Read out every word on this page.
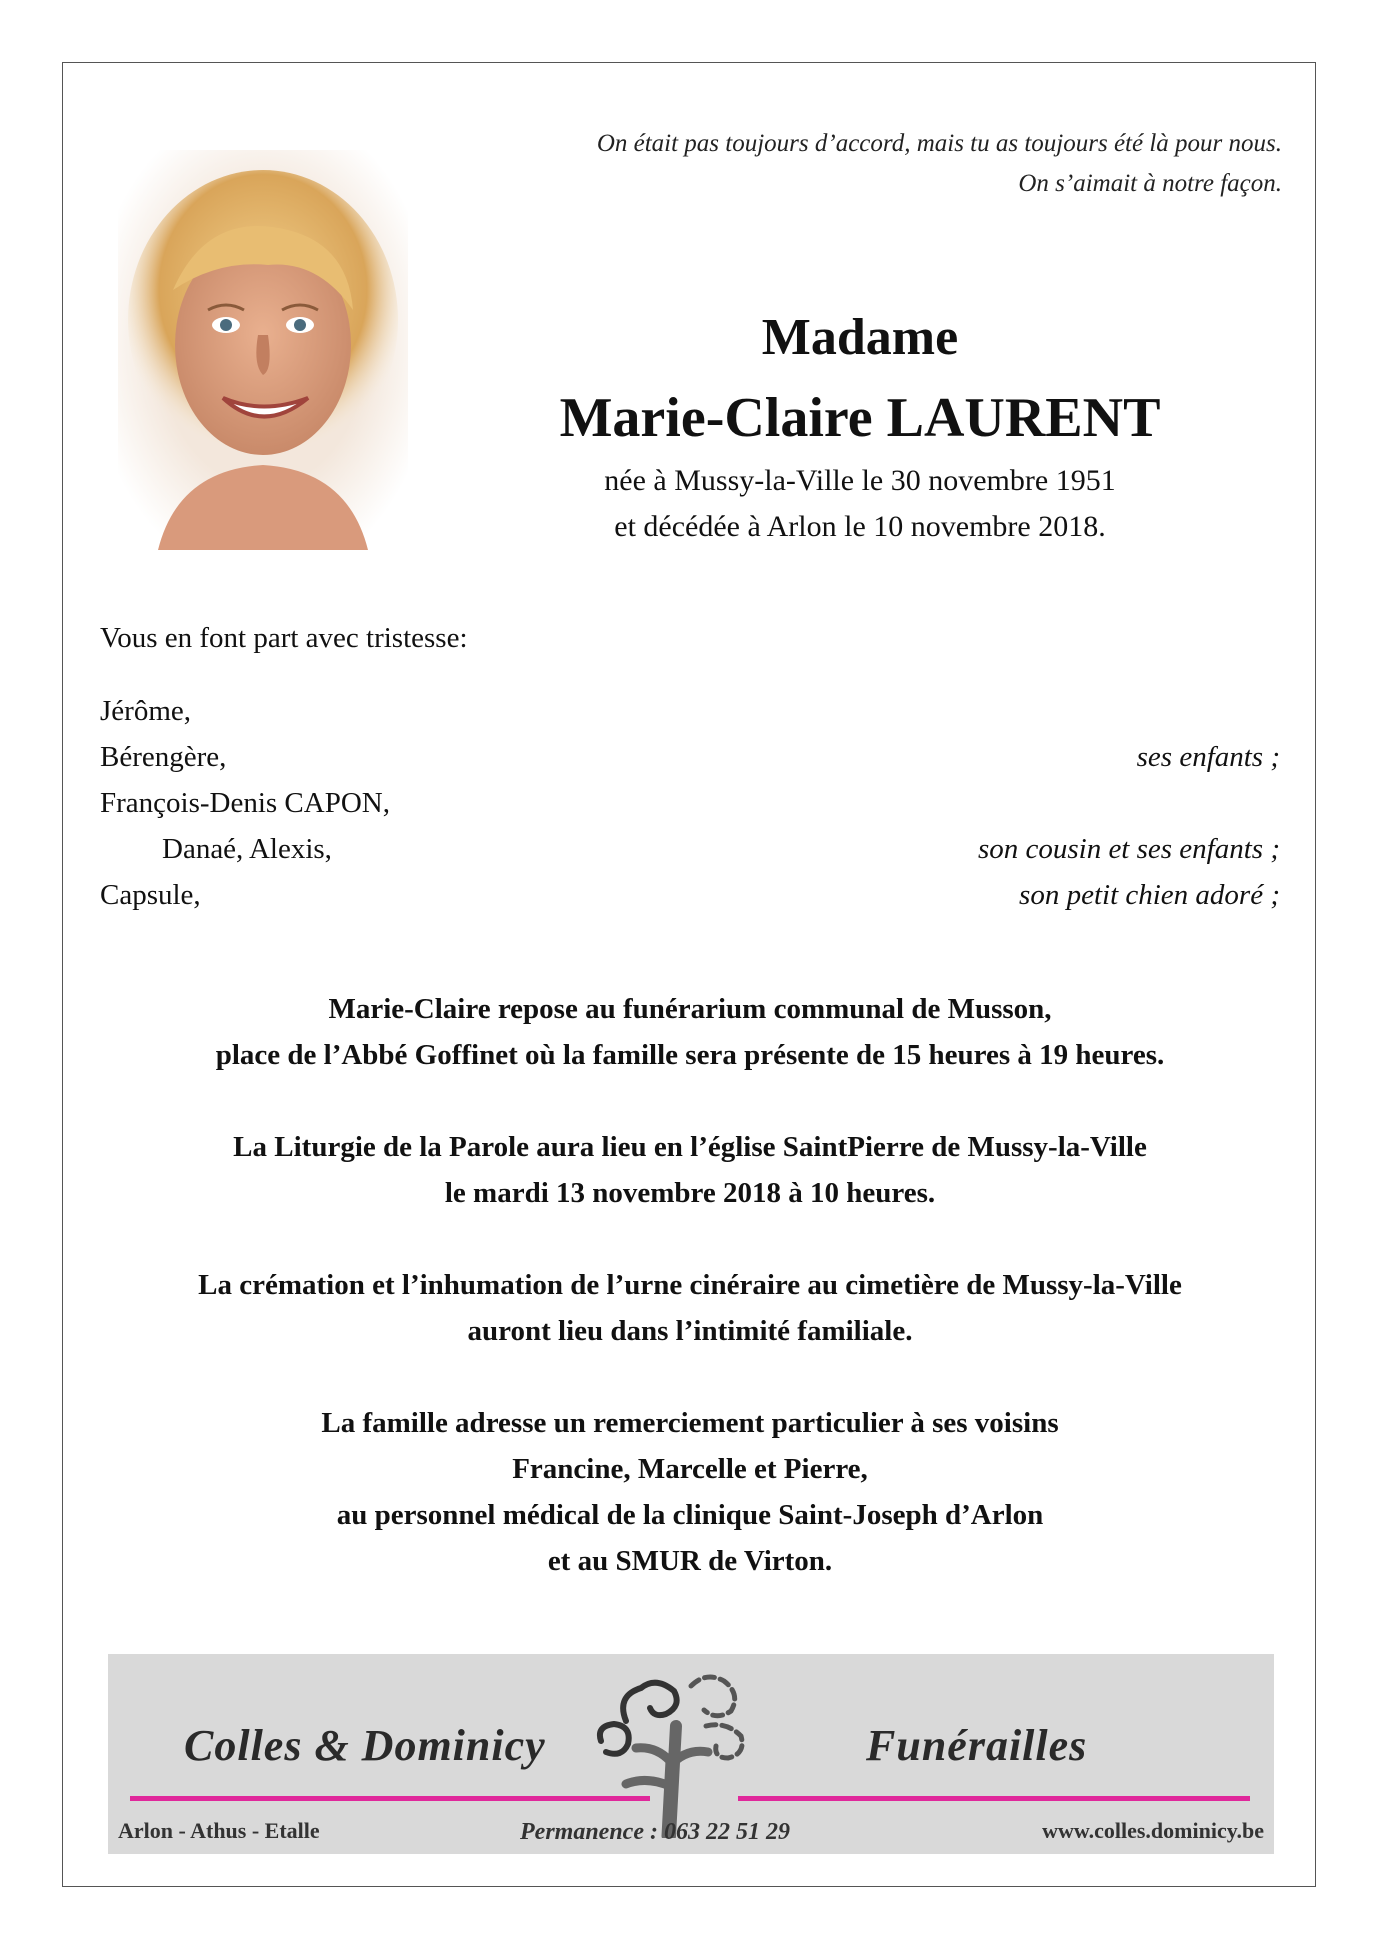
On était pas toujours d’accord, mais tu as toujours été là pour nous.
On s’aimait à notre façon.
Madame
Marie-Claire LAURENT
née à Mussy-la-Ville le 30 novembre 1951
et décédée à Arlon le 10 novembre 2018.
Vous en font part avec tristesse:
Jérôme,
Bérengère,	ses enfants ;
François-Denis CAPON,
Danaé, Alexis,	son cousin et ses enfants ;
Capsule,	son petit chien adoré ;
Marie-Claire repose au funérarium communal de Musson,
place de l’Abbé Goffinet où la famille sera présente de 15 heures à 19 heures.
La Liturgie de la Parole aura lieu en l’église SaintPierre de Mussy-la-Ville
le mardi 13 novembre 2018 à 10 heures.
La crémation et l’inhumation de l’urne cinéraire au cimetière de Mussy-la-Ville
auront lieu dans l’intimité familiale.
La famille adresse un remerciement particulier à ses voisins
Francine, Marcelle et Pierre,
au personnel médical de la clinique Saint-Joseph d’Arlon
et au SMUR de Virton.
Colles & Dominicy	Funérailles
Arlon - Athus - Etalle	Permanence : 063 22 51 29	www.colles.dominicy.be
